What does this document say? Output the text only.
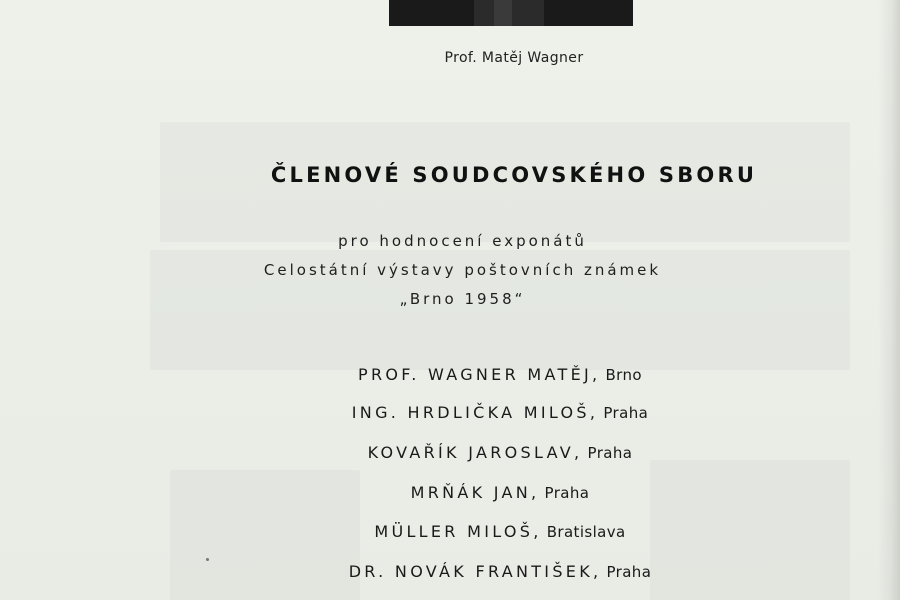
Prof. Matěj Wagner
ČLENOVÉ SOUDCOVSKÉHO SBORU
pro hodnocení exponátů
Celostátní výstavy poštovních známek
„Brno 1958“
PROF. WAGNER MATĚJ, Brno
ING. HRDLIČKA MILOŠ, Praha
KOVAŘÍK JAROSLAV, Praha
MRŇÁK JAN, Praha
MÜLLER MILOŠ, Bratislava
DR. NOVÁK FRANTIŠEK, Praha
